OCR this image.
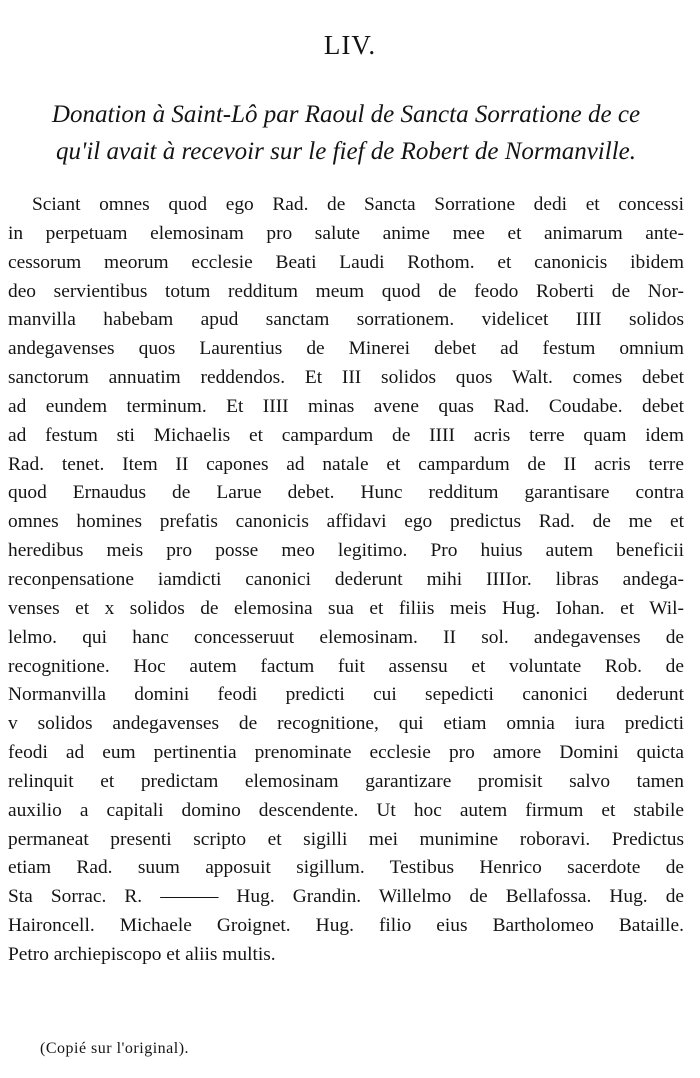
LIV.
Donation à Saint-Lô par Raoul de Sancta Sorratione de ce
qu'il avait à recevoir sur le fief de Robert de Normanville.
Sciant omnes quod ego Rad. de Sancta Sorratione dedi et concessi
in perpetuam elemosinam pro salute anime mee et animarum ante-
cessorum meorum ecclesie Beati Laudi Rothom. et canonicis ibidem
deo servientibus totum redditum meum quod de feodo Roberti de Nor-
manvilla habebam apud sanctam sorrationem. videlicet IIII solidos
andegavenses quos Laurentius de Minerei debet ad festum omnium
sanctorum annuatim reddendos. Et III solidos quos Walt. comes debet
ad eundem terminum. Et IIII minas avene quas Rad. Coudabe. debet
ad festum sti Michaelis et campardum de IIII acris terre quam idem
Rad. tenet. Item II capones ad natale et campardum de II acris terre
quod Ernaudus de Larue debet. Hunc redditum garantisare contra
omnes homines prefatis canonicis affidavi ego predictus Rad. de me et
heredibus meis pro posse meo legitimo. Pro huius autem beneficii
reconpensatione iamdicti canonici dederunt mihi IIIIor. libras andega-
venses et x solidos de elemosina sua et filiis meis Hug. Iohan. et Wil-
lelmo. qui hanc concesseruut elemosinam. II sol. andegavenses de
recognitione. Hoc autem factum fuit assensu et voluntate Rob. de
Normanvilla domini feodi predicti cui sepedicti canonici dederunt
v solidos andegavenses de recognitione, qui etiam omnia iura predicti
feodi ad eum pertinentia prenominate ecclesie pro amore Domini quicta
relinquit et predictam elemosinam garantizare promisit salvo tamen
auxilio a capitali domino descendente. Ut hoc autem firmum et stabile
permaneat presenti scripto et sigilli mei munimine roboravi. Predictus
etiam Rad. suum apposuit sigillum. Testibus Henrico sacerdote de
Sta Sorrac. R. ——— Hug. Grandin. Willelmo de Bellafossa. Hug. de
Haironcell. Michaele Groignet. Hug. filio eius Bartholomeo Bataille.
Petro archiepiscopo et aliis multis.
(Copié sur l'original).
